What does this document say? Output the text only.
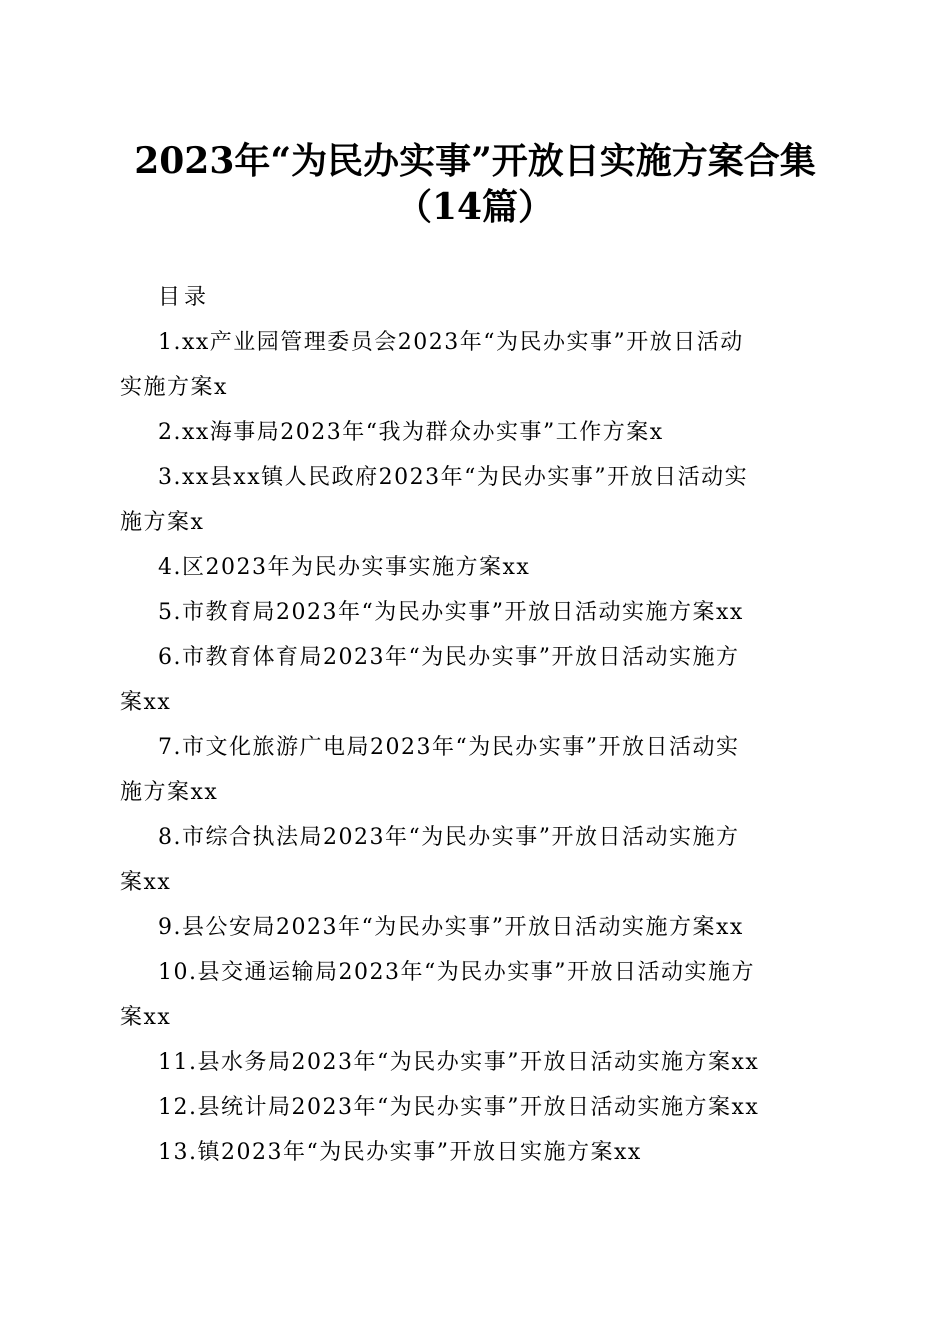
2023年“为民办实事”开放日实施方案合集
（14篇）

目录

1.xx产业园管理委员会2023年“为民办实事”开放日活动
实施方案x
2.xx海事局2023年“我为群众办实事”工作方案x
3.xx县xx镇人民政府2023年“为民办实事”开放日活动实
施方案x
4.区2023年为民办实事实施方案xx
5.市教育局2023年“为民办实事”开放日活动实施方案xx
6.市教育体育局2023年“为民办实事”开放日活动实施方
案xx
7.市文化旅游广电局2023年“为民办实事”开放日活动实
施方案xx
8.市综合执法局2023年“为民办实事”开放日活动实施方
案xx
9.县公安局2023年“为民办实事”开放日活动实施方案xx
10.县交通运输局2023年“为民办实事”开放日活动实施方
案xx
11.县水务局2023年“为民办实事”开放日活动实施方案xx
12.县统计局2023年“为民办实事”开放日活动实施方案xx
13.镇2023年“为民办实事”开放日实施方案xx
